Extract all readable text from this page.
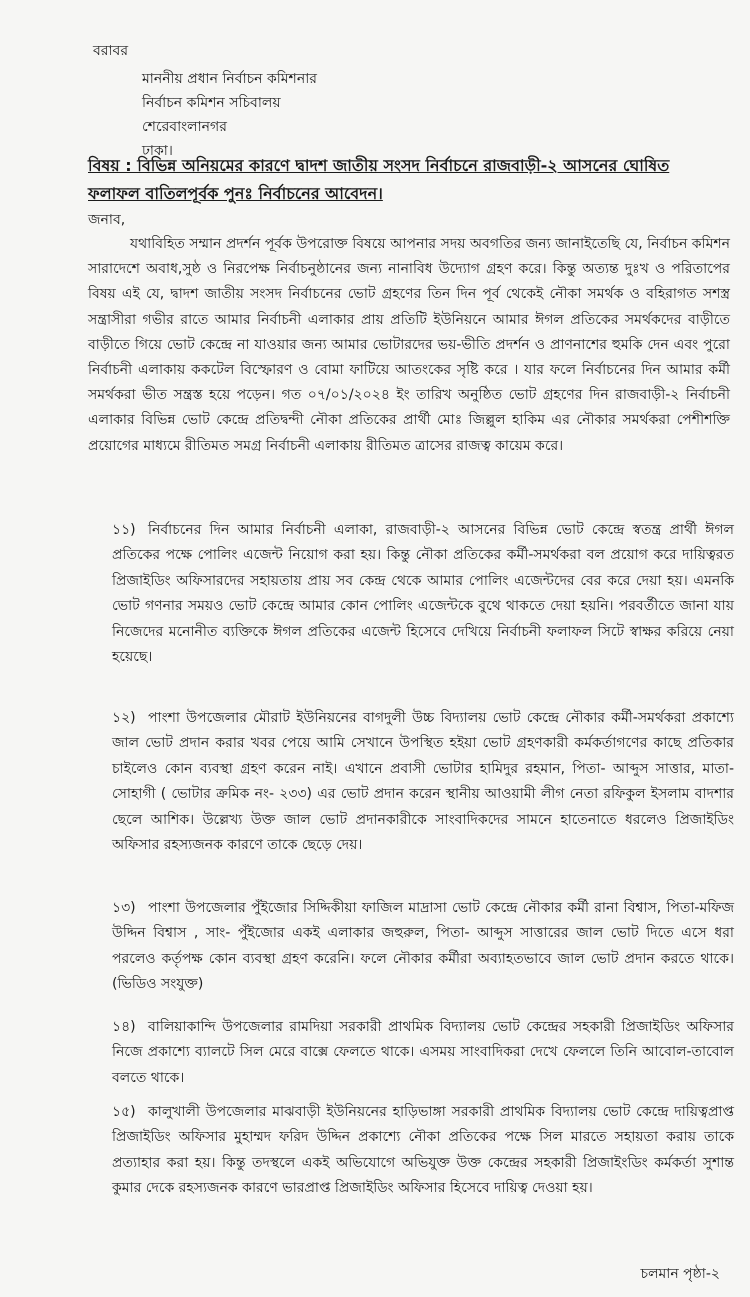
বরাবর
মাননীয় প্রধান নির্বাচন কমিশনার
নির্বাচন কমিশন সচিবালয়
শেরেবাংলানগর
ঢাকা।
বিষয় : বিভিন্ন অনিয়মের কারণে দ্বাদশ জাতীয় সংসদ নির্বাচনে রাজবাড়ী-২ আসনের ঘোষিত
ফলাফল বাতিলপূর্বক পুনঃ নির্বাচনের আবেদন।
জনাব,
যথাবিহিত সম্মান প্রদর্শন পূর্বক উপরোক্ত বিষয়ে আপনার সদয় অবগতির জন্য জানাইতেছি যে, নির্বাচন কমিশন সারাদেশে অবাধ,সুষ্ঠ ও নিরপেক্ষ নির্বাচনুষ্ঠানের জন্য নানাবিধ উদ্যোগ গ্রহণ করে। কিন্তু অত্যন্ত দুঃখ ও পরিতাপের বিষয় এই যে, দ্বাদশ জাতীয় সংসদ নির্বাচনের ভোট গ্রহণের তিন দিন পূর্ব থেকেই নৌকা সমর্থক ও বহিরাগত সশস্ত্র সন্ত্রাসীরা গভীর রাতে আমার নির্বাচনী এলাকার প্রায় প্রতিটি ইউনিয়নে আমার ঈগল প্রতিকের সমর্থকদের বাড়ীতে বাড়ীতে গিয়ে ভোট কেন্দ্রে না যাওয়ার জন্য আমার ভোটারদের ভয়-ভীতি প্রদর্শন ও প্রাণনাশের হুমকি দেন এবং পুরো নির্বাচনী এলাকায় ককটেল বিস্ফোরণ ও বোমা ফাটিয়ে আতংকের সৃষ্টি করে । যার ফলে নির্বাচনের দিন আমার কর্মী সমর্থকরা ভীত সন্ত্রস্ত হয়ে পড়েন। গত ০৭/০১/২০২৪ ইং তারিখ অনুষ্ঠিত ভোট গ্রহণের দিন রাজবাড়ী-২ নির্বাচনী এলাকার বিভিন্ন ভোট কেন্দ্রে প্রতিদ্বন্দী নৌকা প্রতিকের প্রার্থী মোঃ জিল্লুল হাকিম এর নৌকার সমর্থকরা পেশীশক্তি প্রয়োগের মাধ্যমে রীতিমত সমগ্র নির্বাচনী এলাকায় রীতিমত ত্রাসের রাজত্ব কায়েম করে।
১১) নির্বাচনের দিন আমার নির্বাচনী এলাকা, রাজবাড়ী-২ আসনের বিভিন্ন ভোট কেন্দ্রে স্বতন্ত্র প্রার্থী ঈগল প্রতিকের পক্ষে পোলিং এজেন্ট নিয়োগ করা হয়। কিন্তু নৌকা প্রতিকের কর্মী-সমর্থকরা বল প্রয়োগ করে দায়িত্বরত প্রিজাইডিং অফিসারদের সহায়তায় প্রায় সব কেন্দ্র থেকে আমার পোলিং এজেন্টদের বের করে দেয়া হয়। এমনকি ভোট গণনার সময়ও ভোট কেন্দ্রে আমার কোন পোলিং এজেন্টকে বুথে থাকতে দেয়া হয়নি। পরবর্তীতে জানা যায় নিজেদের মনোনীত ব্যক্তিকে ঈগল প্রতিকের এজেন্ট হিসেবে দেখিয়ে নির্বাচনী ফলাফল সিটে স্বাক্ষর করিয়ে নেয়া হয়েছে।
১২) পাংশা উপজেলার মৌরাট ইউনিয়নের বাগদুলী উচ্চ বিদ্যালয় ভোট কেন্দ্রে নৌকার কর্মী-সমর্থকরা প্রকাশ্যে জাল ভোট প্রদান করার খবর পেয়ে আমি সেখানে উপস্থিত হইয়া ভোট গ্রহণকারী কর্মকর্তাগণের কাছে প্রতিকার চাইলেও কোন ব্যবস্থা গ্রহণ করেন নাই। এখানে প্রবাসী ভোটার হামিদুর রহমান, পিতা- আব্দুস সাত্তার, মাতা- সোহাগী ( ভোটার ক্রমিক নং- ২৩৩) এর ভোট প্রদান করেন স্থানীয় আওয়ামী লীগ নেতা রফিকুল ইসলাম বাদশার ছেলে আশিক। উল্লেখ্য উক্ত জাল ভোট প্রদানকারীকে সাংবাদিকদের সামনে হাতেনাতে ধরলেও প্রিজাইডিং অফিসার রহস্যজনক কারণে তাকে ছেড়ে দেয়।
১৩) পাংশা উপজেলার পুঁইজোর সিদ্দিকীয়া ফাজিল মাদ্রাসা ভোট কেন্দ্রে নৌকার কর্মী রানা বিশ্বাস, পিতা-মফিজ উদ্দিন বিশ্বাস , সাং- পুঁইজোর একই এলাকার জহুরুল, পিতা- আব্দুস সাত্তারের জাল ভোট দিতে এসে ধরা পরলেও কর্তৃপক্ষ কোন ব্যবস্থা গ্রহণ করেনি। ফলে নৌকার কর্মীরা অব্যাহতভাবে জাল ভোট প্রদান করতে থাকে। (ভিডিও সংযুক্ত)
১৪) বালিয়াকান্দি উপজেলার রামদিয়া সরকারী প্রাথমিক বিদ্যালয় ভোট কেন্দ্রের সহকারী প্রিজাইডিং অফিসার নিজে প্রকাশ্যে ব্যালটে সিল মেরে বাক্সে ফেলতে থাকে। এসময় সাংবাদিকরা দেখে ফেললে তিনি আবোল-তাবোল বলতে থাকে।
১৫) কালুখালী উপজেলার মাঝবাড়ী ইউনিয়নের হাড়িভাঙ্গা সরকারী প্রাথমিক বিদ্যালয় ভোট কেন্দ্রে দায়িত্বপ্রাপ্ত প্রিজাইডিং অফিসার মুহাম্মদ ফরিদ উদ্দিন প্রকাশ্যে নৌকা প্রতিকের পক্ষে সিল মারতে সহায়তা করায় তাকে প্রত্যাহার করা হয়। কিন্তু তদস্থলে একই অভিযোগে অভিযুক্ত উক্ত কেন্দ্রের সহকারী প্রিজাইংডিং কর্মকর্তা সুশান্ত কুমার দেকে রহস্যজনক কারণে ভারপ্রাপ্ত প্রিজাইডিং অফিসার হিসেবে দায়িত্ব দেওয়া হয়।
চলমান পৃষ্ঠা-২
